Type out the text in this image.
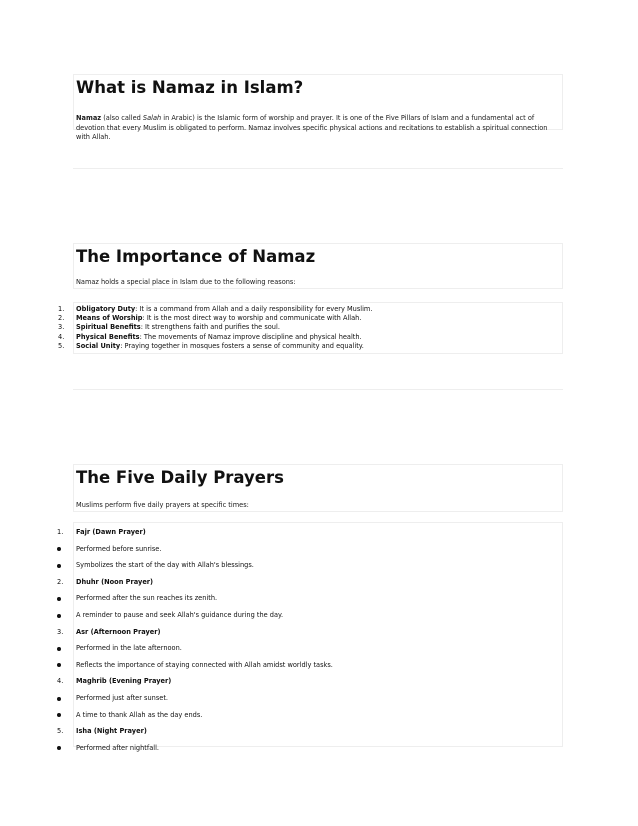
What is Namaz in Islam?
Namaz (also called Salah in Arabic) is the Islamic form of worship and prayer. It is one of the Five Pillars of Islam and a fundamental act of devotion that every Muslim is obligated to perform. Namaz involves specific physical actions and recitations to establish a spiritual connection with Allah.
The Importance of Namaz
Namaz holds a special place in Islam due to the following reasons:
1.	Obligatory Duty: It is a command from Allah and a daily responsibility for every Muslim.
2.	Means of Worship: It is the most direct way to worship and communicate with Allah.
3.	Spiritual Benefits: It strengthens faith and purifies the soul.
4.	Physical Benefits: The movements of Namaz improve discipline and physical health.
5.	Social Unity: Praying together in mosques fosters a sense of community and equality.
The Five Daily Prayers
Muslims perform five daily prayers at specific times:
1. Fajr (Dawn Prayer)
Performed before sunrise.
Symbolizes the start of the day with Allah's blessings.
2. Dhuhr (Noon Prayer)
Performed after the sun reaches its zenith.
A reminder to pause and seek Allah's guidance during the day.
3. Asr (Afternoon Prayer)
Performed in the late afternoon.
Reflects the importance of staying connected with Allah amidst worldly tasks.
4. Maghrib (Evening Prayer)
Performed just after sunset.
A time to thank Allah as the day ends.
5. Isha (Night Prayer)
Performed after nightfall.
